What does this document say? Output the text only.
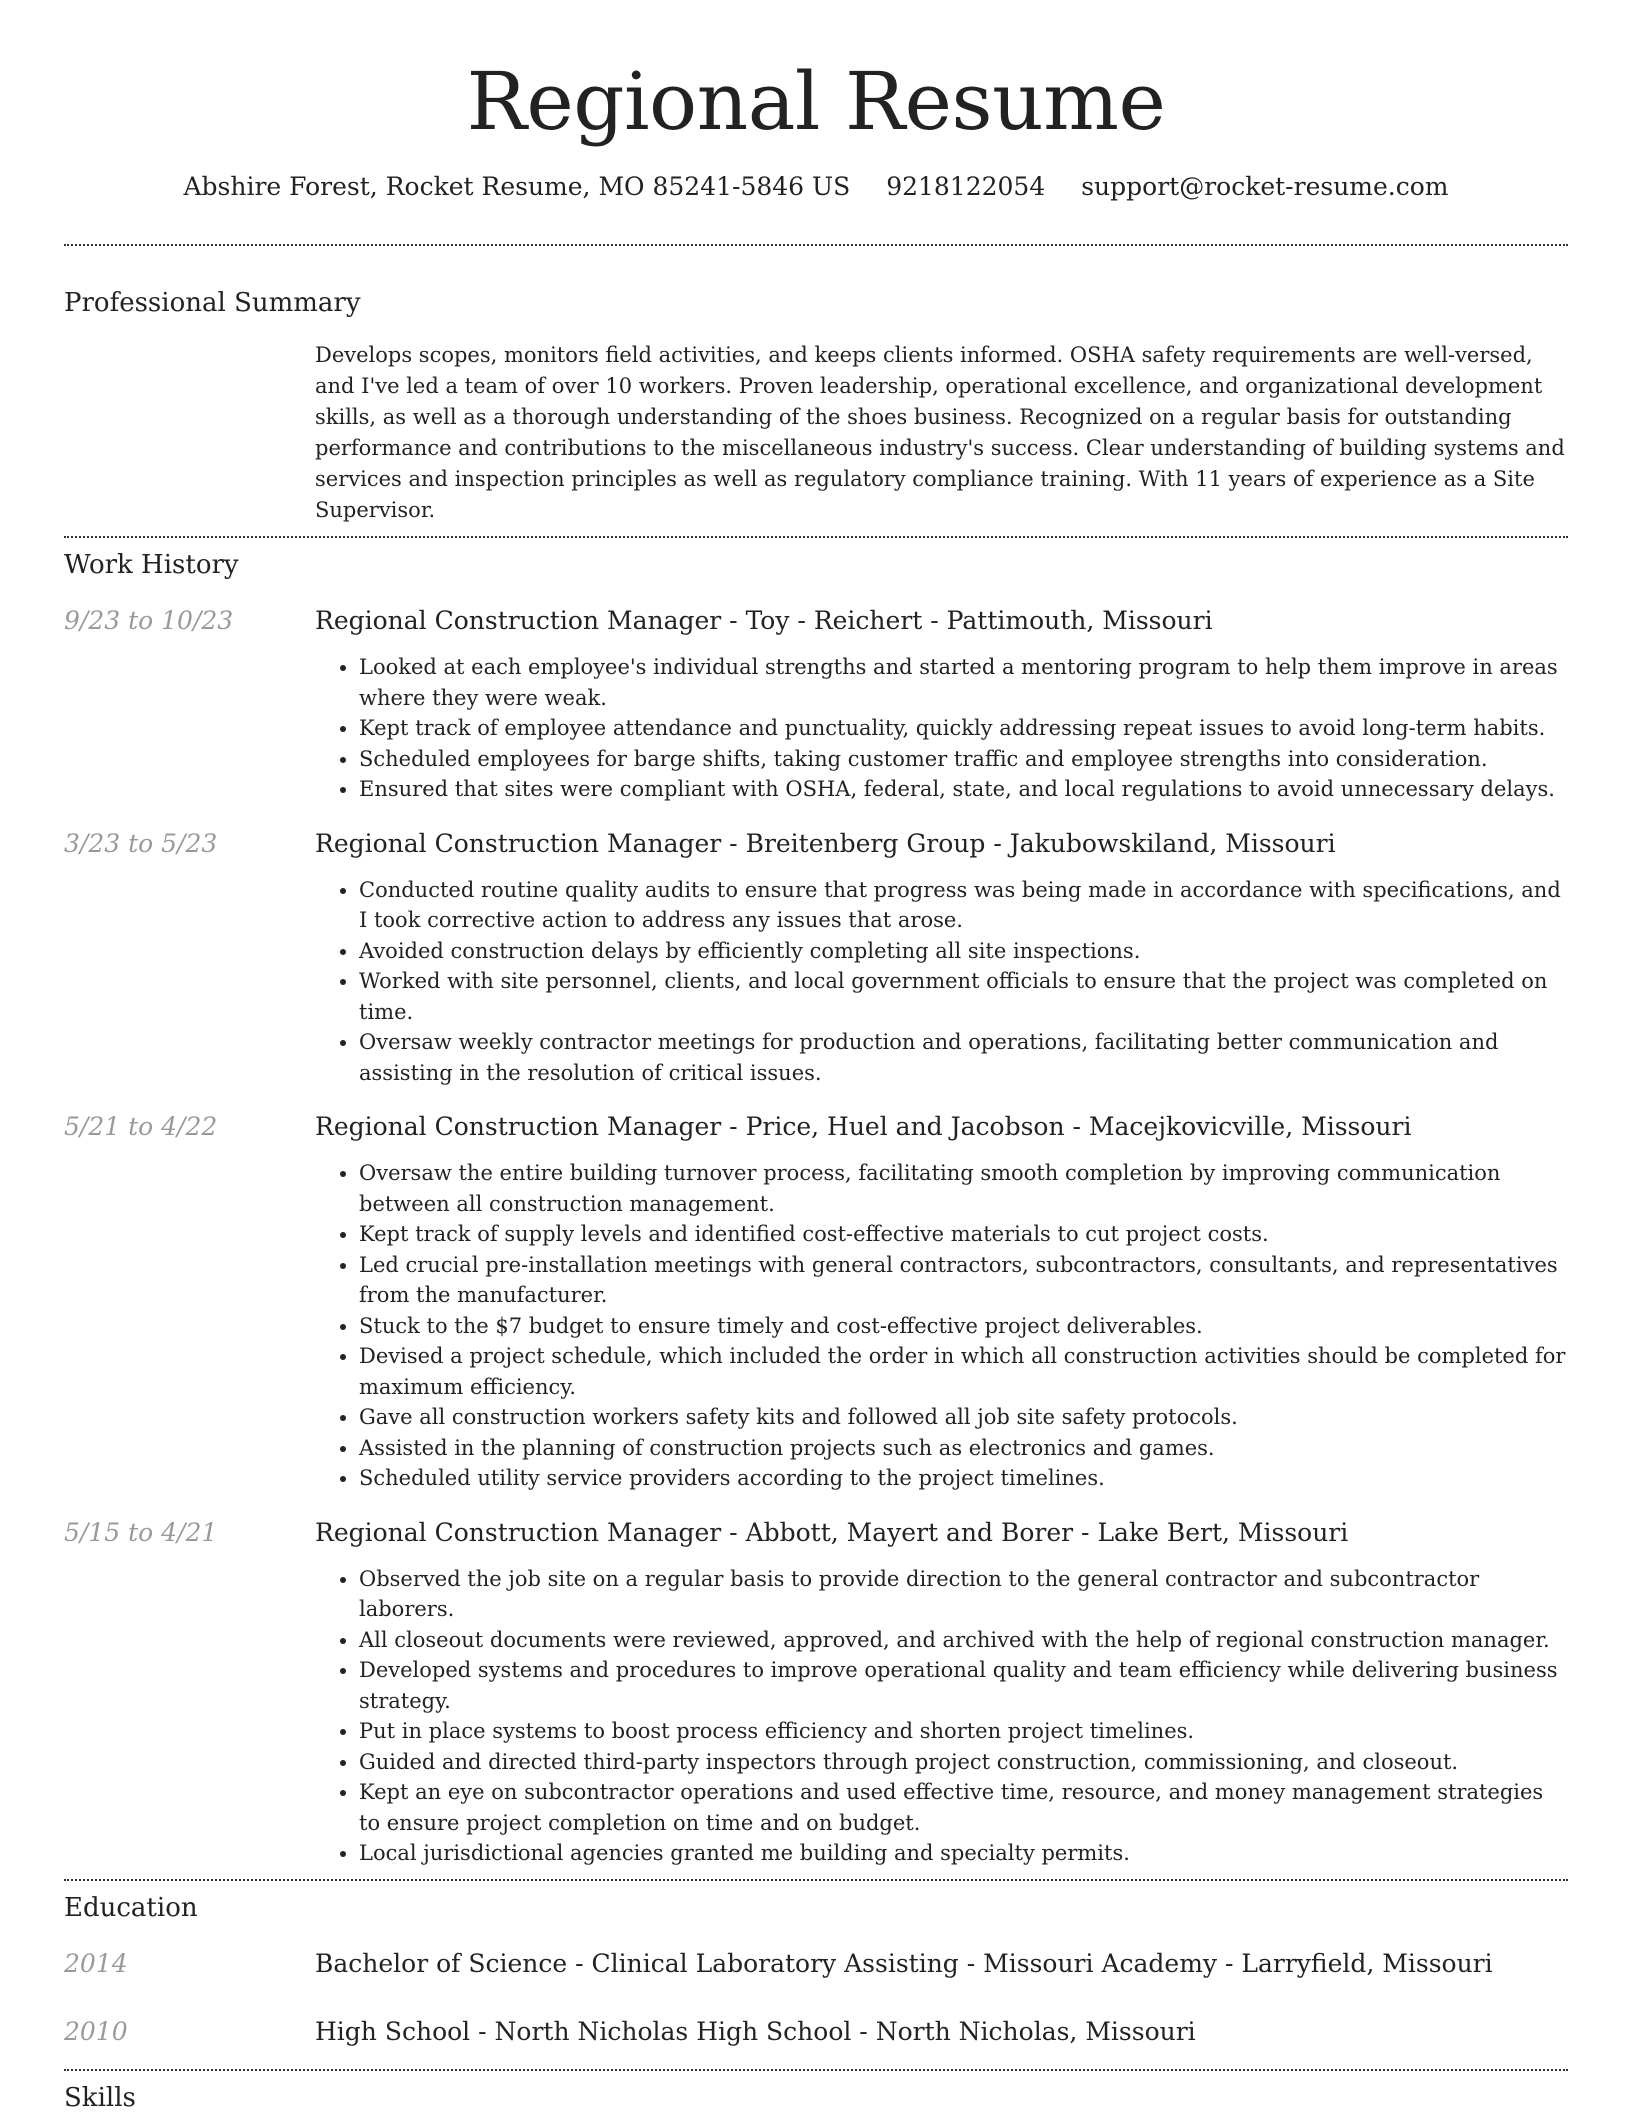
Regional Resume
Abshire Forest, Rocket Resume, MO 85241-5846 US 9218122054 support@rocket-resume.com
Professional Summary
Develops scopes, monitors field activities, and keeps clients informed. OSHA safety requirements are well-versed, and I've led a team of over 10 workers. Proven leadership, operational excellence, and organizational development skills, as well as a thorough understanding of the shoes business. Recognized on a regular basis for outstanding performance and contributions to the miscellaneous industry's success. Clear understanding of building systems and services and inspection principles as well as regulatory compliance training. With 11 years of experience as a Site Supervisor.
Work History
9/23 to 10/23	Regional Construction Manager - Toy - Reichert - Pattimouth, Missouri
• Looked at each employee's individual strengths and started a mentoring program to help them improve in areas where they were weak.
• Kept track of employee attendance and punctuality, quickly addressing repeat issues to avoid long-term habits.
• Scheduled employees for barge shifts, taking customer traffic and employee strengths into consideration.
• Ensured that sites were compliant with OSHA, federal, state, and local regulations to avoid unnecessary delays.
3/23 to 5/23	Regional Construction Manager - Breitenberg Group - Jakubowskiland, Missouri
• Conducted routine quality audits to ensure that progress was being made in accordance with specifications, and I took corrective action to address any issues that arose.
• Avoided construction delays by efficiently completing all site inspections.
• Worked with site personnel, clients, and local government officials to ensure that the project was completed on time.
• Oversaw weekly contractor meetings for production and operations, facilitating better communication and assisting in the resolution of critical issues.
5/21 to 4/22	Regional Construction Manager - Price, Huel and Jacobson - Macejkovicville, Missouri
• Oversaw the entire building turnover process, facilitating smooth completion by improving communication between all construction management.
• Kept track of supply levels and identified cost-effective materials to cut project costs.
• Led crucial pre-installation meetings with general contractors, subcontractors, consultants, and representatives from the manufacturer.
• Stuck to the $7 budget to ensure timely and cost-effective project deliverables.
• Devised a project schedule, which included the order in which all construction activities should be completed for maximum efficiency.
• Gave all construction workers safety kits and followed all job site safety protocols.
• Assisted in the planning of construction projects such as electronics and games.
• Scheduled utility service providers according to the project timelines.
5/15 to 4/21	Regional Construction Manager - Abbott, Mayert and Borer - Lake Bert, Missouri
• Observed the job site on a regular basis to provide direction to the general contractor and subcontractor laborers.
• All closeout documents were reviewed, approved, and archived with the help of regional construction manager.
• Developed systems and procedures to improve operational quality and team efficiency while delivering business strategy.
• Put in place systems to boost process efficiency and shorten project timelines.
• Guided and directed third-party inspectors through project construction, commissioning, and closeout.
• Kept an eye on subcontractor operations and used effective time, resource, and money management strategies to ensure project completion on time and on budget.
• Local jurisdictional agencies granted me building and specialty permits.
Education
2014	Bachelor of Science - Clinical Laboratory Assisting - Missouri Academy - Larryfield, Missouri
2010	High School - North Nicholas High School - North Nicholas, Missouri
Skills
